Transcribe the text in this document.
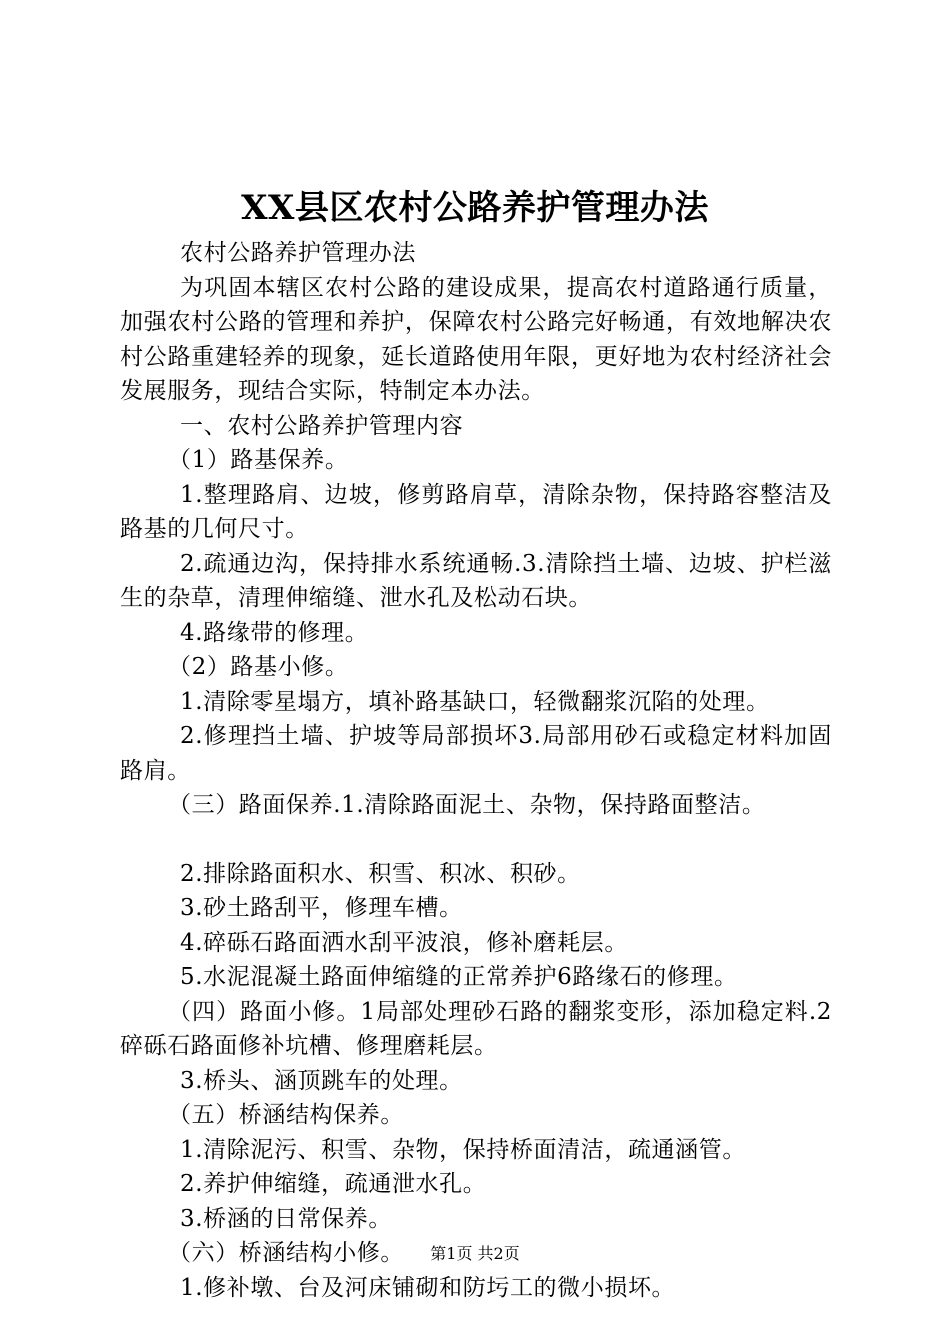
XX县区农村公路养护管理办法

农村公路养护管理办法

为巩固本辖区农村公路的建设成果，提高农村道路通行质量，加强农村公路的管理和养护，保障农村公路完好畅通，有效地解决农村公路重建轻养的现象，延长道路使用年限，更好地为农村经济社会发展服务，现结合实际，特制定本办法。

一、农村公路养护管理内容

（1）路基保养。

1.整理路肩、边坡，修剪路肩草，清除杂物，保持路容整洁及路基的几何尺寸。

2.疏通边沟，保持排水系统通畅.3.清除挡土墙、边坡、护栏滋生的杂草，清理伸缩缝、泄水孔及松动石块。

4.路缘带的修理。

（2）路基小修。

1.清除零星塌方，填补路基缺口，轻微翻浆沉陷的处理。

2.修理挡土墙、护坡等局部损坏3.局部用砂石或稳定材料加固路肩。

（三）路面保养.1.清除路面泥土、杂物，保持路面整洁。

2.排除路面积水、积雪、积冰、积砂。

3.砂土路刮平，修理车槽。

4.碎砾石路面洒水刮平波浪，修补磨耗层。

5.水泥混凝土路面伸缩缝的正常养护6路缘石的修理。

（四）路面小修。1局部处理砂石路的翻浆变形，添加稳定料.2碎砾石路面修补坑槽、修理磨耗层。

3.桥头、涵顶跳车的处理。

（五）桥涵结构保养。

1.清除泥污、积雪、杂物，保持桥面清洁，疏通涵管。

2.养护伸缩缝，疏通泄水孔。

3.桥涵的日常保养。

（六）桥涵结构小修。

1.修补墩、台及河床铺砌和防圬工的微小损坏。

第1页 共2页
